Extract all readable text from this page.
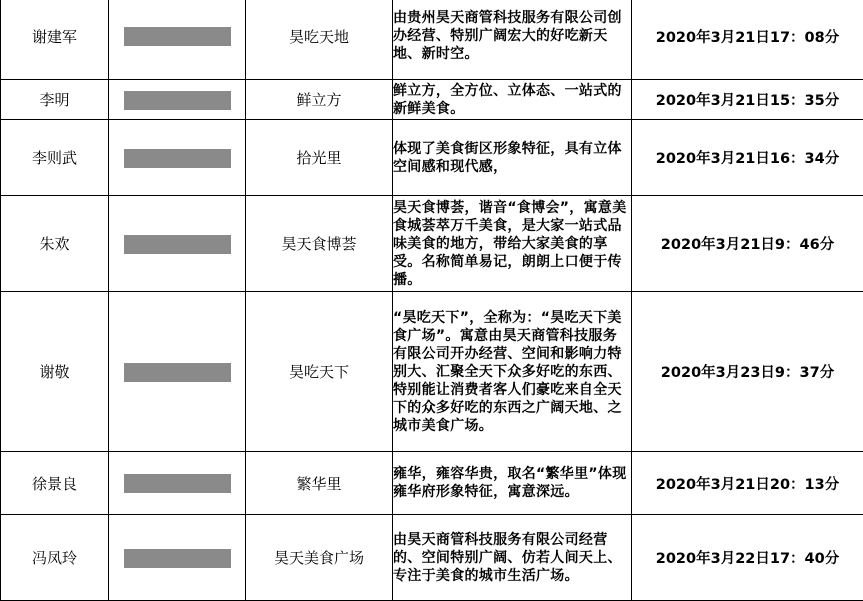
谢建军		昊吃天地	由贵州昊天商管科技服务有限公司创办经营、特别广阔宏大的好吃新天地、新时空。	2020年3月21日17：08分
李明		鲜立方	鲜立方，全方位、立体态、一站式的新鲜美食。	2020年3月21日15：35分
李则武		拾光里	体现了美食街区形象特征，具有立体空间感和现代感，	2020年3月21日16：34分
朱欢		昊天食博荟	昊天食博荟，谐音“食博会”，寓意美食城荟萃万千美食，是大家一站式品味美食的地方，带给大家美食的享受。名称简单易记，朗朗上口便于传播。	2020年3月21日9：46分
谢敬		昊吃天下	“昊吃天下”，全称为：“昊吃天下美食广场”。寓意由昊天商管科技服务有限公司开办经营、空间和影响力特别大、汇聚全天下众多好吃的东西、特别能让消费者客人们豪吃来自全天下的众多好吃的东西之广阔天地、之城市美食广场。	2020年3月23日9：37分
徐景良		繁华里	雍华，雍容华贵，取名“繁华里”体现雍华府形象特征，寓意深远。	2020年3月21日20：13分
冯凤玲		昊天美食广场	由昊天商管科技服务有限公司经营的、空间特别广阔、仿若人间天上、专注于美食的城市生活广场。	2020年3月22日17：40分
